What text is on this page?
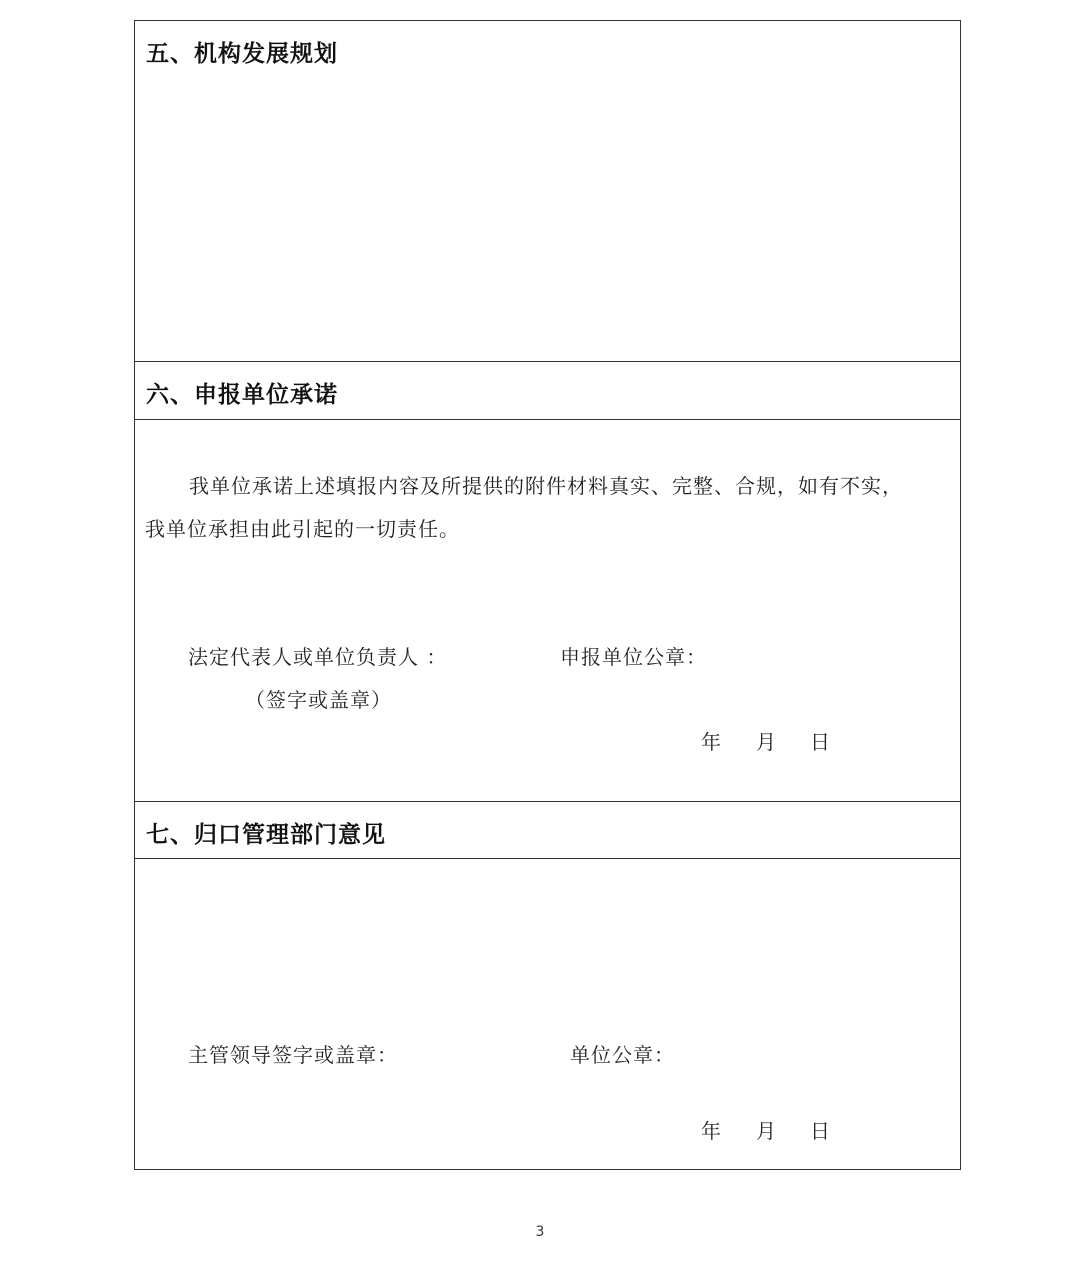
五、机构发展规划
六、申报单位承诺
我单位承诺上述填报内容及所提供的附件材料真实、完整、合规，如有不实，
我单位承担由此引起的一切责任。
法定代表人或单位负责人 ：	申报单位公章：
（签字或盖章）
年 月 日
七、归口管理部门意见
主管领导签字或盖章：	单位公章：
年 月 日
3
